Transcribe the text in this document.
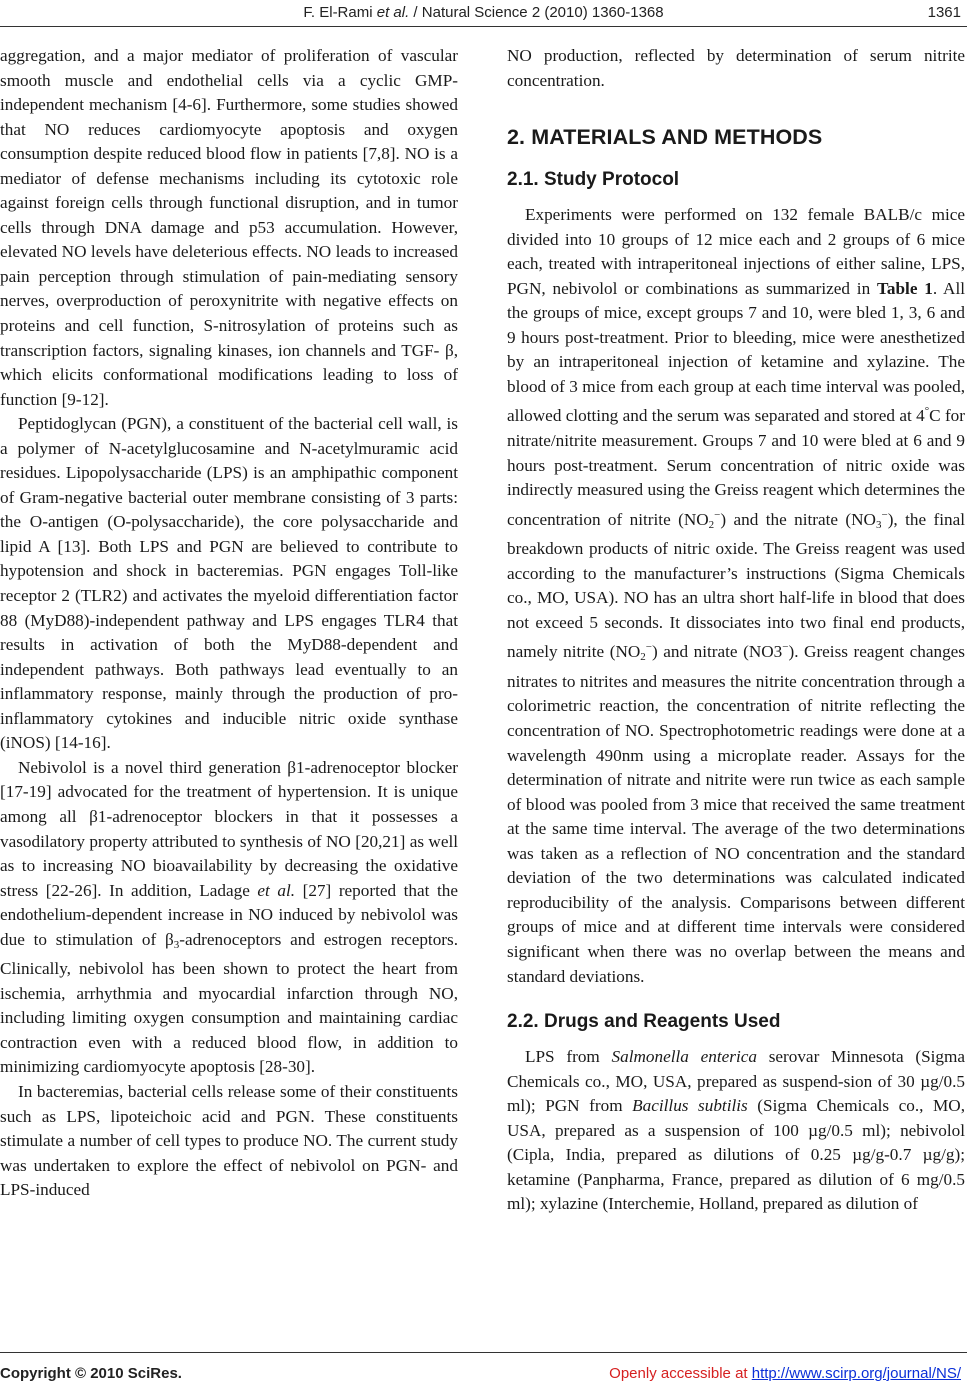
F. El-Rami et al. / Natural Science 2 (2010) 1360-1368	1361

aggregation, and a major mediator of proliferation of vascular smooth muscle and endothelial cells via a cyclic GMP-independent mechanism [4-6]. Furthermore, some studies showed that NO reduces cardiomyocyte apoptosis and oxygen consumption despite reduced blood flow in patients [7,8]. NO is a mediator of defense mechanisms including its cytotoxic role against foreign cells through functional disruption, and in tumor cells through DNA damage and p53 accumulation. However, elevated NO levels have deleterious effects. NO leads to increased pain perception through stimulation of pain-mediating sensory nerves, overproduction of peroxynitrite with negative effects on proteins and cell function, S-nitrosylation of proteins such as transcription factors, signaling kinases, ion channels and TGF- β, which elicits conformational modifications leading to loss of function [9-12].

Peptidoglycan (PGN), a constituent of the bacterial cell wall, is a polymer of N-acetylglucosamine and N-acetylmuramic acid residues. Lipopolysaccharide (LPS) is an amphipathic component of Gram-negative bacterial outer membrane consisting of 3 parts: the O-antigen (O-polysaccharide), the core polysaccharide and lipid A [13]. Both LPS and PGN are believed to contribute to hypotension and shock in bacteremias. PGN engages Toll-like receptor 2 (TLR2) and activates the myeloid differentiation factor 88 (MyD88)-independent pathway and LPS engages TLR4 that results in activation of both the MyD88-dependent and independent pathways. Both pathways lead eventually to an inflammatory response, mainly through the production of pro-inflammatory cytokines and inducible nitric oxide synthase (iNOS) [14-16].

Nebivolol is a novel third generation β1-adrenoceptor blocker [17-19] advocated for the treatment of hypertension. It is unique among all β1-adrenoceptor blockers in that it possesses a vasodilatory property attributed to synthesis of NO [20,21] as well as to increasing NO bioavailability by decreasing the oxidative stress [22-26]. In addition, Ladage et al. [27] reported that the endothelium-dependent increase in NO induced by nebivolol was due to stimulation of β3-adrenoceptors and estrogen receptors. Clinically, nebivolol has been shown to protect the heart from ischemia, arrhythmia and myocardial infarction through NO, including limiting oxygen consumption and maintaining cardiac contraction even with a reduced blood flow, in addition to minimizing cardiomyocyte apoptosis [28-30].

In bacteremias, bacterial cells release some of their constituents such as LPS, lipoteichoic acid and PGN. These constituents stimulate a number of cell types to produce NO. The current study was undertaken to explore the effect of nebivolol on PGN- and LPS-induced

NO production, reflected by determination of serum nitrite concentration.

2. MATERIALS AND METHODS
2.1. Study Protocol

Experiments were performed on 132 female BALB/c mice divided into 10 groups of 12 mice each and 2 groups of 6 mice each, treated with intraperitoneal injections of either saline, LPS, PGN, nebivolol or combinations as summarized in Table 1. All the groups of mice, except groups 7 and 10, were bled 1, 3, 6 and 9 hours post-treatment. Prior to bleeding, mice were anesthetized by an intraperitoneal injection of ketamine and xylazine. The blood of 3 mice from each group at each time interval was pooled, allowed clotting and the serum was separated and stored at 4°C for nitrate/nitrite measurement. Groups 7 and 10 were bled at 6 and 9 hours post-treatment. Serum concentration of nitric oxide was indirectly measured using the Greiss reagent which determines the concentration of nitrite (NO2−) and the nitrate (NO3−), the final breakdown products of nitric oxide. The Greiss reagent was used according to the manufacturer’s instructions (Sigma Chemicals co., MO, USA). NO has an ultra short half-life in blood that does not exceed 5 seconds. It dissociates into two final end products, namely nitrite (NO2−) and nitrate (NO3−). Greiss reagent changes nitrates to nitrites and measures the nitrite concentration through a colorimetric reaction, the concentration of nitrite reflecting the concentration of NO. Spectrophotometric readings were done at a wavelength 490nm using a microplate reader. Assays for the determination of nitrate and nitrite were run twice as each sample of blood was pooled from 3 mice that received the same treatment at the same time interval. The average of the two determinations was taken as a reflection of NO concentration and the standard deviation of the two determinations was calculated indicated reproducibility of the analysis. Comparisons between different groups of mice and at different time intervals were considered significant when there was no overlap between the means and standard deviations.

2.2. Drugs and Reagents Used

LPS from Salmonella enterica serovar Minnesota (Sigma Chemicals co., MO, USA, prepared as suspend-sion of 30 µg/0.5 ml); PGN from Bacillus subtilis (Sigma Chemicals co., MO, USA, prepared as a suspension of 100 µg/0.5 ml); nebivolol (Cipla, India, prepared as dilutions of 0.25 µg/g-0.7 µg/g); ketamine (Panpharma, France, prepared as dilution of 6 mg/0.5 ml); xylazine (Interchemie, Holland, prepared as dilution of

Copyright © 2010 SciRes.	Openly accessible at http://www.scirp.org/journal/NS/
